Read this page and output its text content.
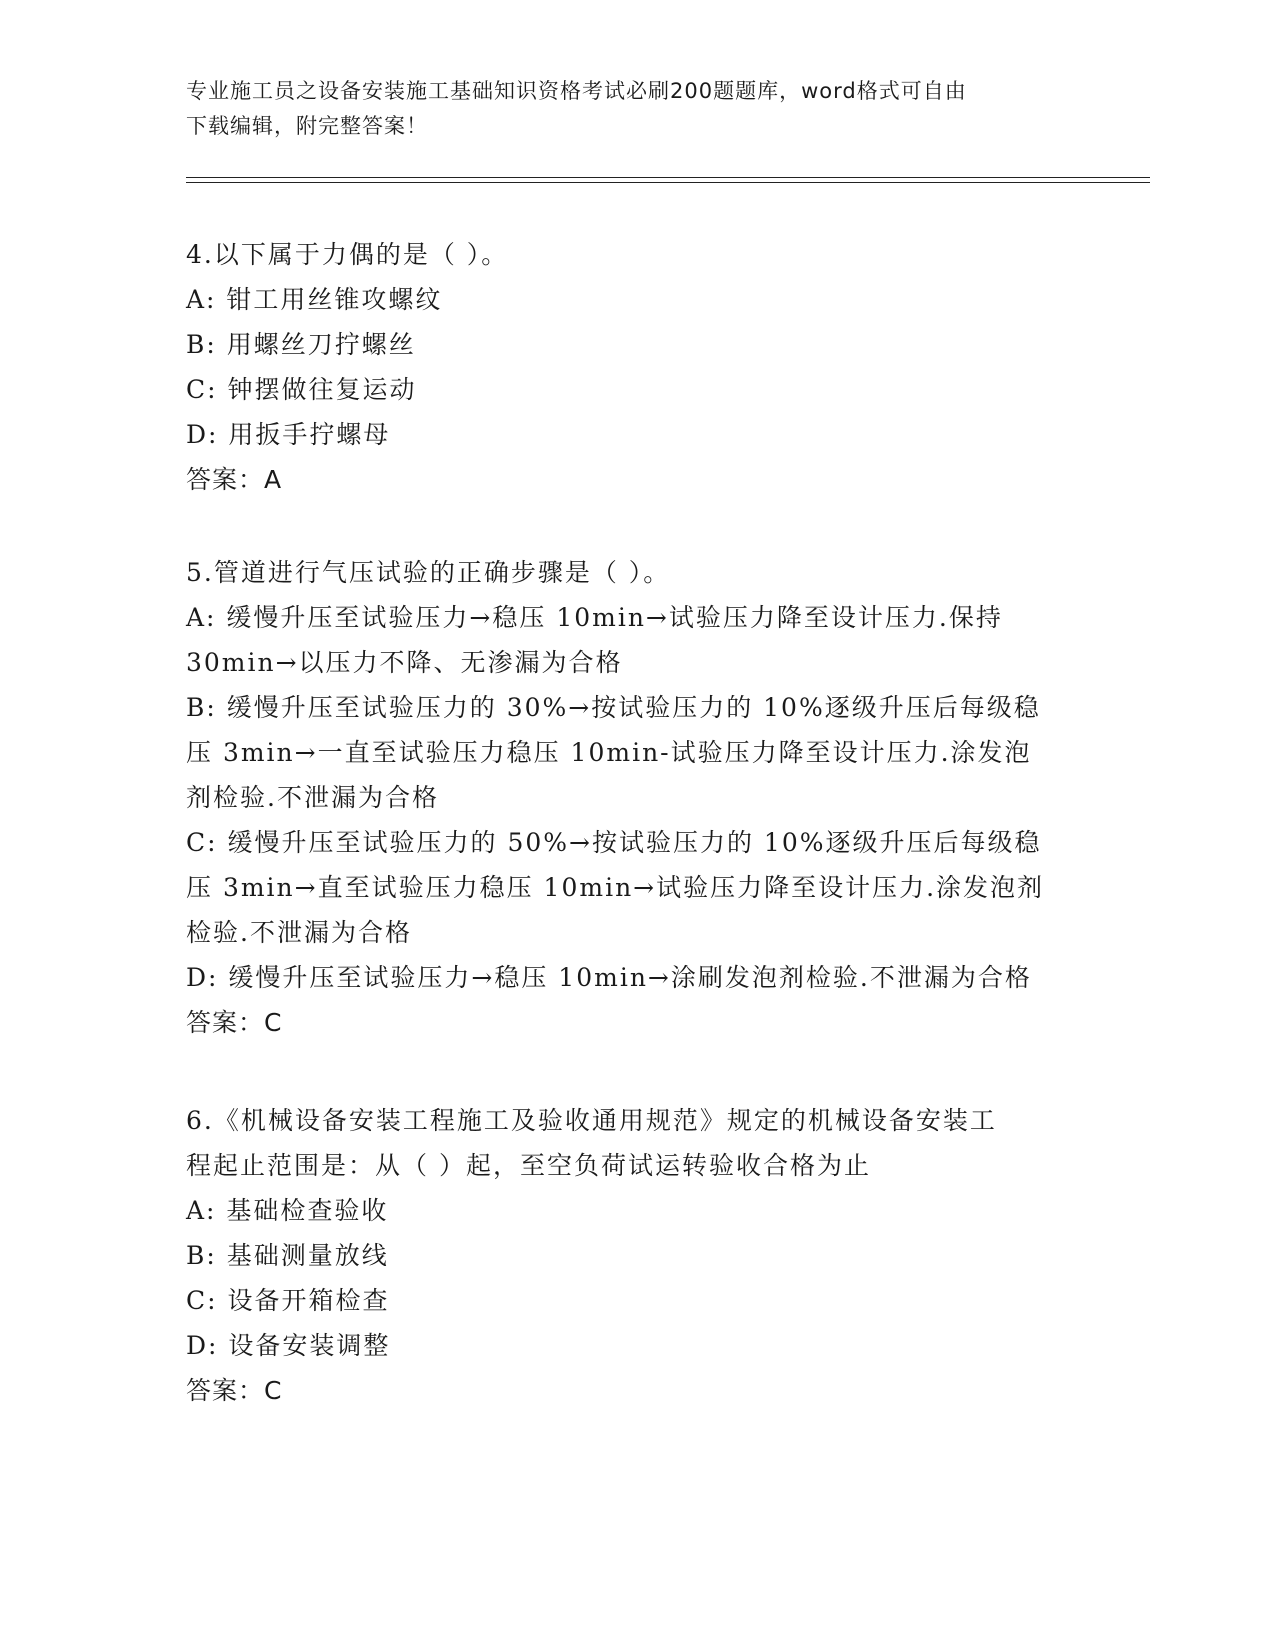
专业施工员之设备安装施工基础知识资格考试必刷200题题库，word格式可自由
下载编辑，附完整答案！
4.以下属于力偶的是（ ）。
A: 钳工用丝锥攻螺纹
B: 用螺丝刀拧螺丝
C: 钟摆做往复运动
D: 用扳手拧螺母
答案：A
5.管道进行气压试验的正确步骤是（ ）。
A: 缓慢升压至试验压力→稳压 10min→试验压力降至设计压力.保持
30min→以压力不降、无渗漏为合格
B: 缓慢升压至试验压力的 30%→按试验压力的 10%逐级升压后每级稳
压 3min→一直至试验压力稳压 10min-试验压力降至设计压力.涂发泡
剂检验.不泄漏为合格
C: 缓慢升压至试验压力的 50%→按试验压力的 10%逐级升压后每级稳
压 3min→直至试验压力稳压 10min→试验压力降至设计压力.涂发泡剂
检验.不泄漏为合格
D: 缓慢升压至试验压力→稳压 10min→涂刷发泡剂检验.不泄漏为合格
答案：C
6.《机械设备安装工程施工及验收通用规范》规定的机械设备安装工
程起止范围是：从（ ）起，至空负荷试运转验收合格为止
A: 基础检查验收
B: 基础测量放线
C: 设备开箱检查
D: 设备安装调整
答案：C
